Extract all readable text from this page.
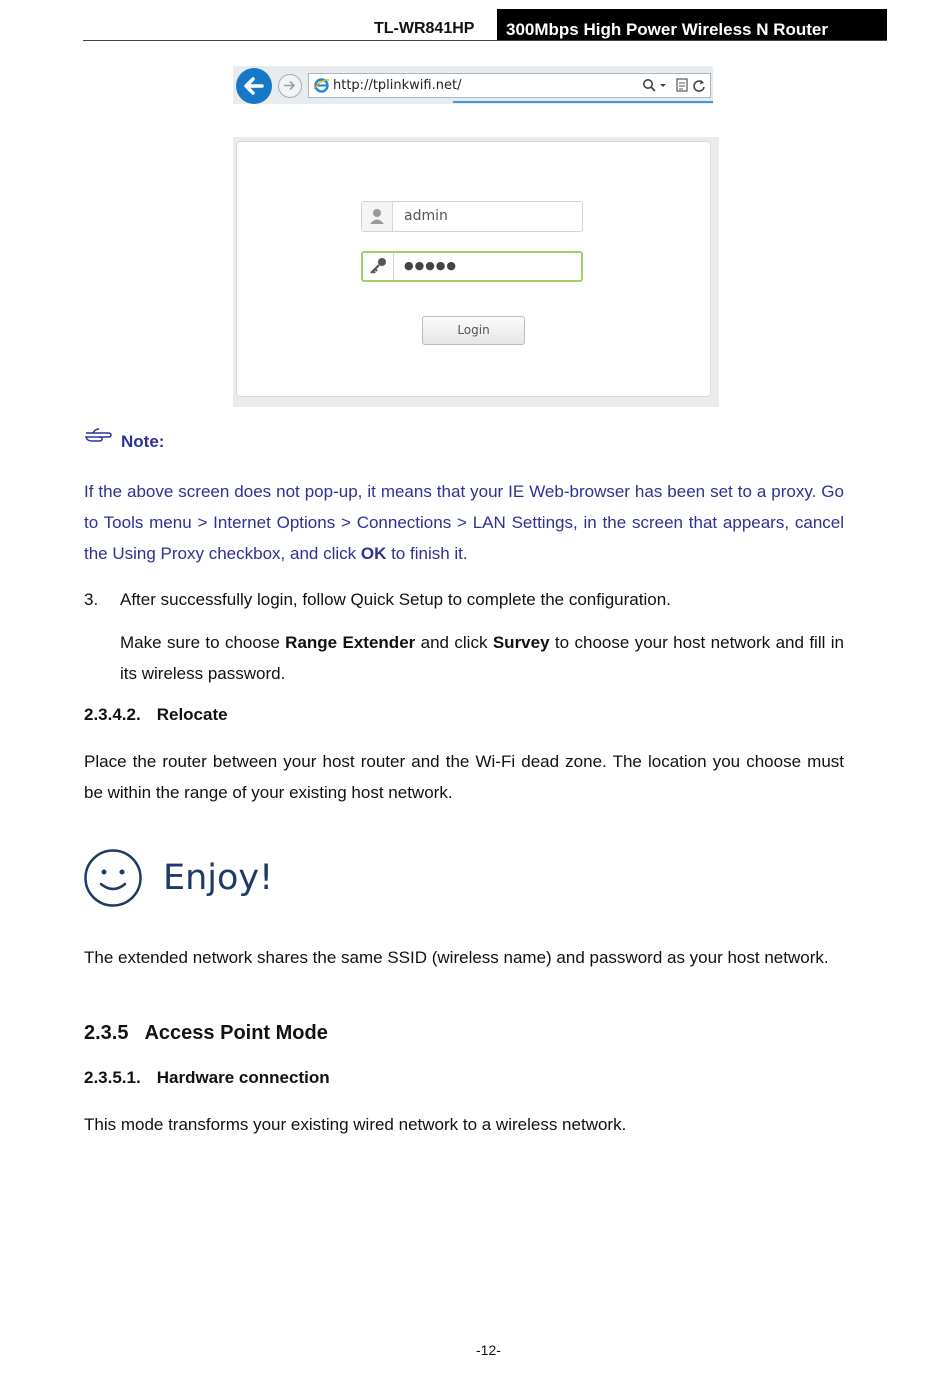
TL-WR841HP 300Mbps High Power Wireless N Router
http://tplinkwifi.net/
admin
●●●●●
Login
Note:
If the above screen does not pop-up, it means that your IE Web-browser has been set to a proxy. Go to Tools menu > Internet Options > Connections > LAN Settings, in the screen that appears, cancel the Using Proxy checkbox, and click OK to finish it.
3. After successfully login, follow Quick Setup to complete the configuration.
Make sure to choose Range Extender and click Survey to choose your host network and fill in its wireless password.
2.3.4.2. Relocate
Place the router between your host router and the Wi-Fi dead zone. The location you choose must be within the range of your existing host network.
Enjoy!
The extended network shares the same SSID (wireless name) and password as your host network.
2.3.5 Access Point Mode
2.3.5.1. Hardware connection
This mode transforms your existing wired network to a wireless network.
-12-
